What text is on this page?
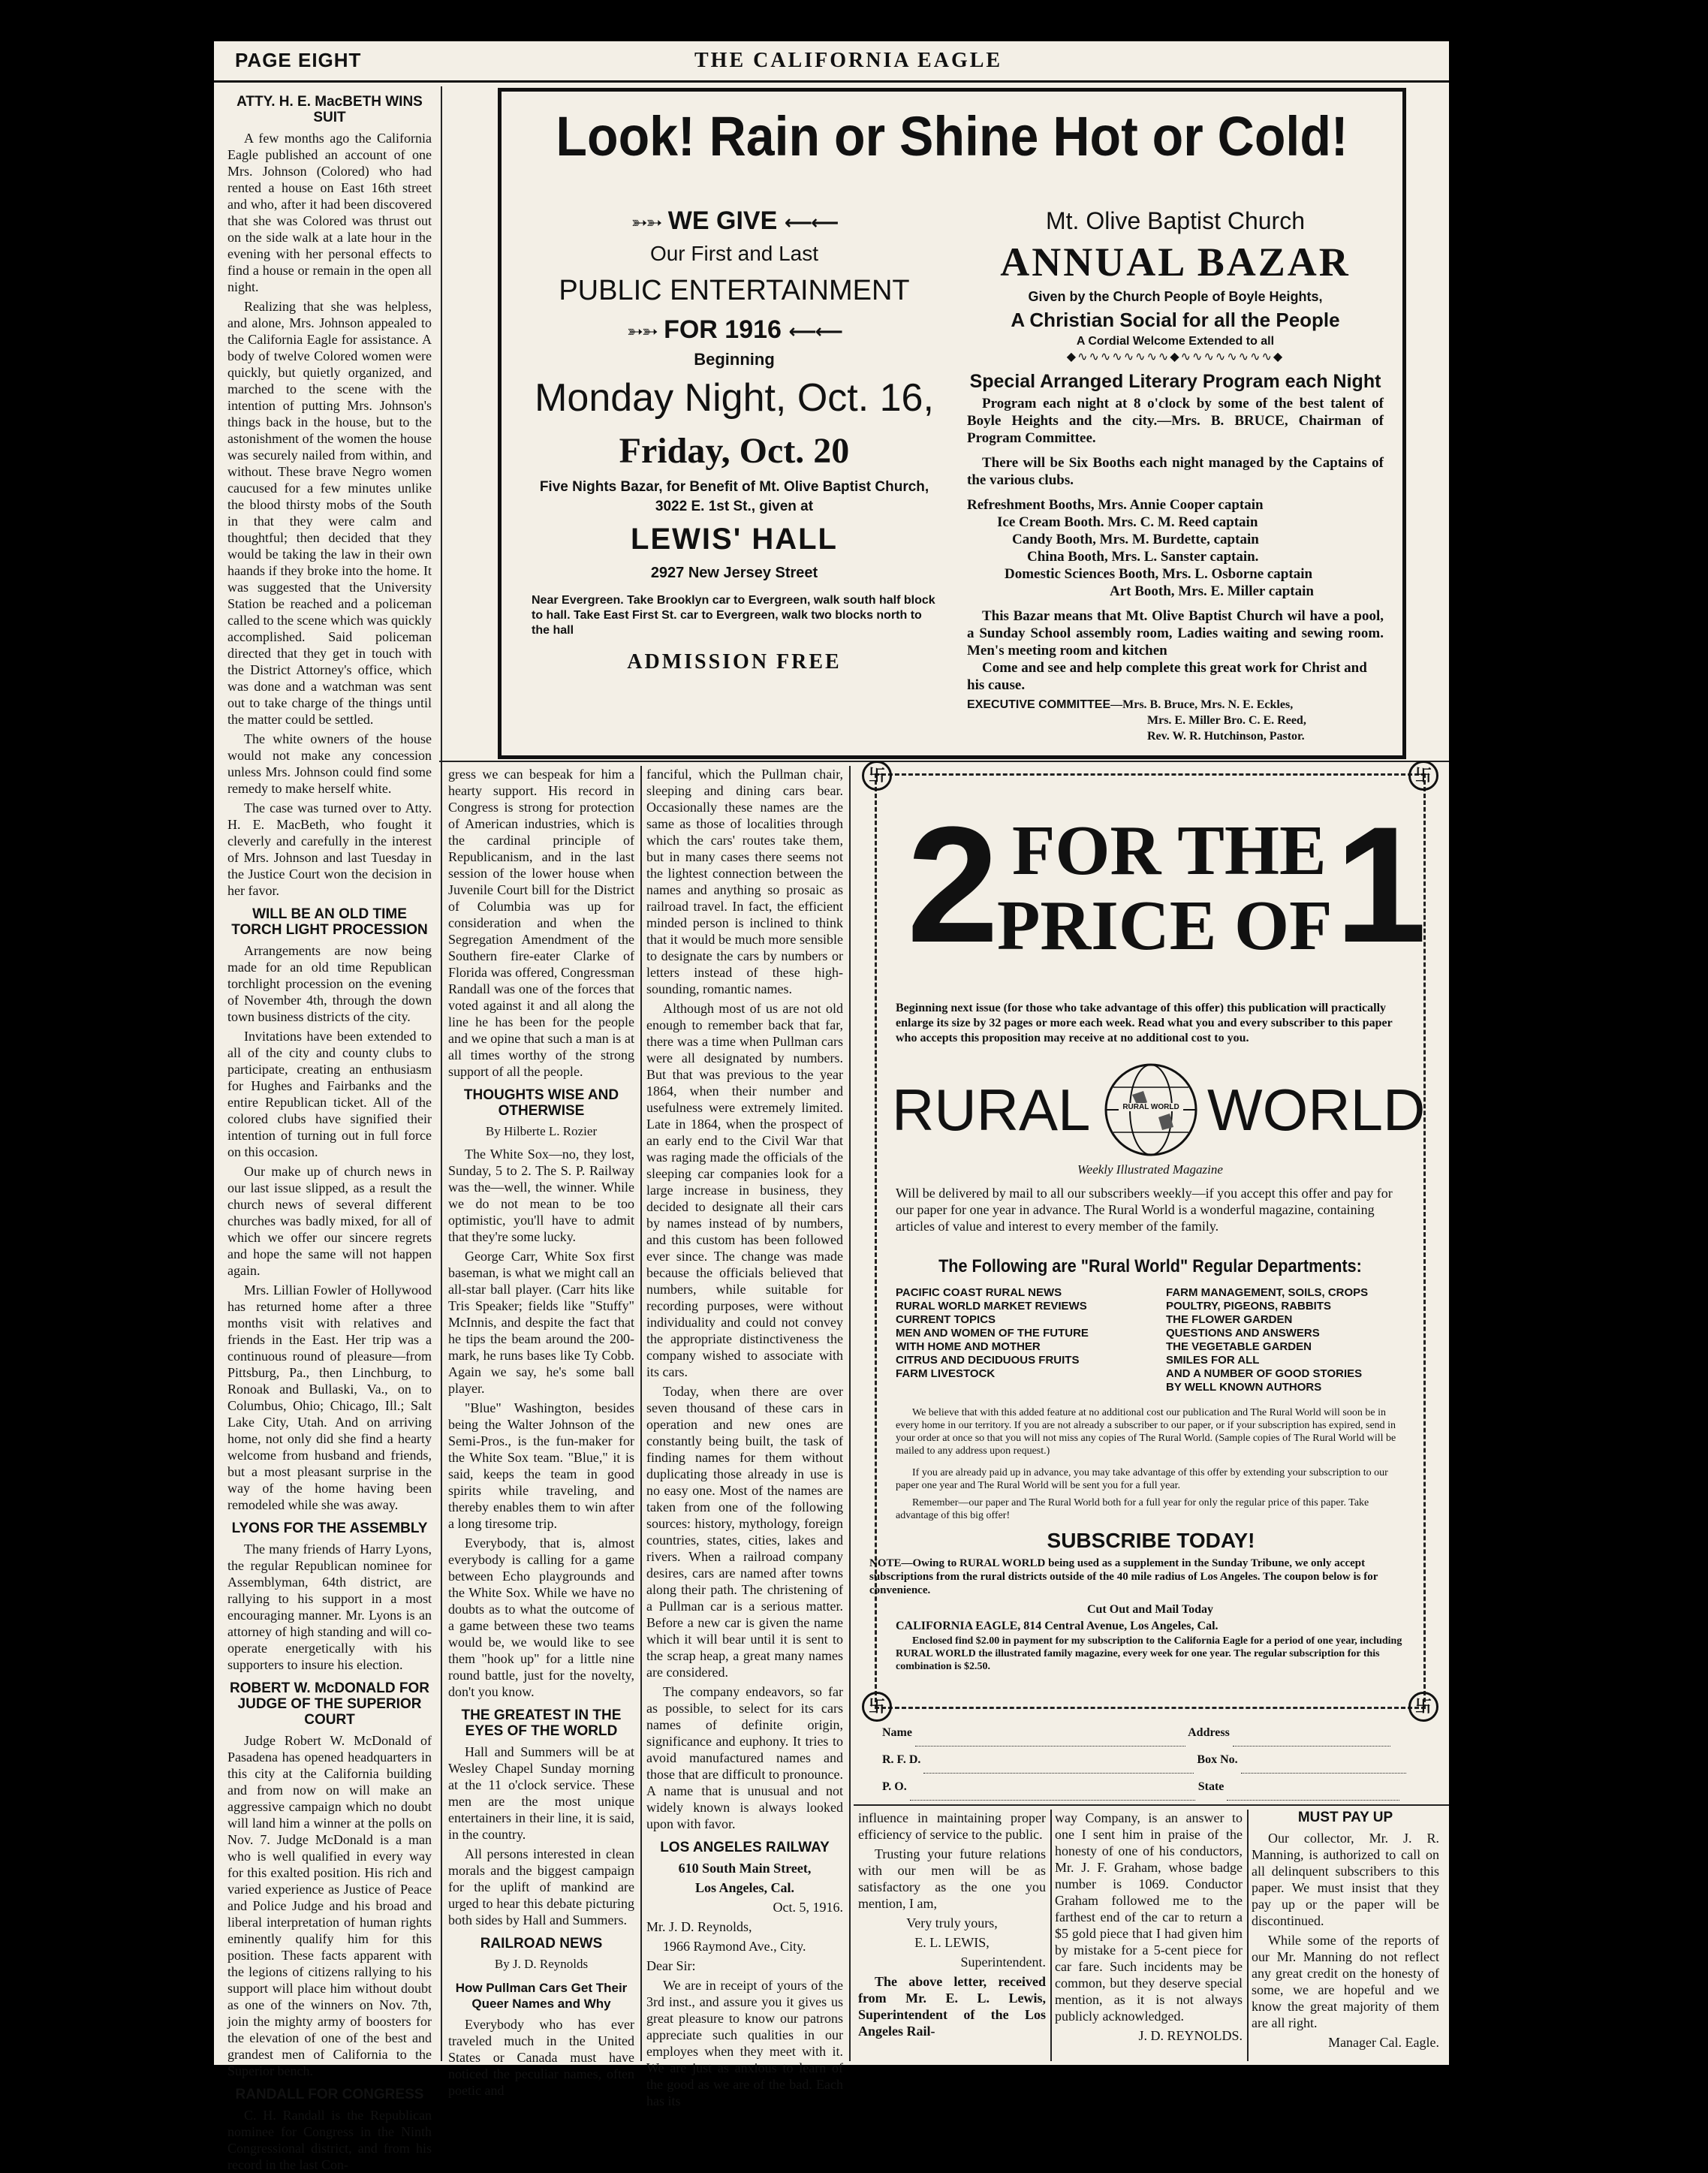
PAGE EIGHT	THE CALIFORNIA EAGLE
ATTY. H. E. MacBETH WINS SUIT

A few months ago the California Eagle published an account of one Mrs. Johnson (Colored) who had rented a house on East 16th street and who, after it had been discovered that she was Colored was thrust out on the side walk at a late hour in the evening with her personal effects to find a house or remain in the open all night.

Realizing that she was helpless, and alone, Mrs. Johnson appealed to the California Eagle for assistance. A body of twelve Colored women were quickly, but quietly organized, and marched to the scene with the intention of putting Mrs. Johnson's things back in the house, but to the astonishment of the women the house was securely nailed from within, and without. These brave Negro women caucused for a few minutes unlike the blood thirsty mobs of the South in that they were calm and thoughtful; then decided that they would be taking the law in their own haands if they broke into the home. It was suggested that the University Station be reached and a policeman called to the scene which was quickly accomplished. Said policeman directed that they get in touch with the District Attorney's office, which was done and a watchman was sent out to take charge of the things until the matter could be settled.

The white owners of the house would not make any concession unless Mrs. Johnson could find some remedy to make herself white.

The case was turned over to Atty. H. E. MacBeth, who fought it cleverly and carefully in the interest of Mrs. Johnson and last Tuesday in the Justice Court won the decision in her favor.

WILL BE AN OLD TIME TORCH LIGHT PROCESSION

Arrangements are now being made for an old time Republican torchlight procession on the evening of November 4th, through the down town business districts of the city.

Invitations have been extended to all of the city and county clubs to participate, creating an enthusiasm for Hughes and Fairbanks and the entire Republican ticket. All of the colored clubs have signified their intention of turning out in full force on this occasion.

Our make up of church news in our last issue slipped, as a result the church news of several different churches was badly mixed, for all of which we offer our sincere regrets and hope the same will not happen again.

Mrs. Lillian Fowler of Hollywood has returned home after a three months visit with relatives and friends in the East. Her trip was a continuous round of pleasure—from Pittsburg, Pa., then Linchburg, to Ronoak and Bullaski, Va., on to Columbus, Ohio; Chicago, Ill.; Salt Lake City, Utah. And on arriving home, not only did she find a hearty welcome from husband and friends, but a most pleasant surprise in the way of the home having been remodeled while she was away.

LYONS FOR THE ASSEMBLY

The many friends of Harry Lyons, the regular Republican nominee for Assemblyman, 64th district, are rallying to his support in a most encouraging manner. Mr. Lyons is an attorney of high standing and will co-operate energetically with his supporters to insure his election.

ROBERT W. McDONALD FOR JUDGE OF THE SUPERIOR COURT

Judge Robert W. McDonald of Pasadena has opened headquarters in this city at the California building and from now on will make an aggressive campaign which no doubt will land him a winner at the polls on Nov. 7. Judge McDonald is a man who is well qualified in every way for this exalted position. His rich and varied experience as Justice of Peace and Police Judge and his broad and liberal interpretation of human rights eminently qualify him for this position. These facts apparent with the legions of citizens rallying to his support will place him without doubt as one of the winners on Nov. 7th, join the mighty army of boosters for the elevation of one of the best and grandest men of California to the Superior bench.

RANDALL FOR CONGRESS

C. H. Randall is the Republican nominee for Congress in the Ninth Congressional district, and from his record in the last Con-

Look! Rain or Shine Hot or Cold!
➳➳ WE GIVE ⟵⟵
Our First and Last
PUBLIC ENTERTAINMENT
➳➳ FOR 1916 ⟵⟵
Beginning
Monday Night, Oct. 16,
Friday, Oct. 20
Five Nights Bazar, for Benefit of Mt. Olive Baptist Church, 3022 E. 1st St., given at
LEWIS' HALL
2927 New Jersey Street
Near Evergreen. Take Brooklyn car to Evergreen, walk south half block to hall. Take East First St. car to Evergreen, walk two blocks north to the hall
ADMISSION FREE
Mt. Olive Baptist Church
ANNUAL BAZAR
Given by the Church People of Boyle Heights,
A Christian Social for all the People
A Cordial Welcome Extended to all
◆∿∿∿∿∿∿∿∿◆∿∿∿∿∿∿∿∿◆
Special Arranged Literary Program each Night
Program each night at 8 o'clock by some of the best talent of Boyle Heights and the city.—Mrs. B. BRUCE, Chairman of Program Committee.
There will be Six Booths each night managed by the Captains of the various clubs.
Refreshment Booths, Mrs. Annie Cooper captain
Ice Cream Booth. Mrs. C. M. Reed captain
Candy Booth, Mrs. M. Burdette, captain
China Booth, Mrs. L. Sanster captain.
Domestic Sciences Booth, Mrs. L. Osborne captain
Art Booth, Mrs. E. Miller captain
This Bazar means that Mt. Olive Baptist Church wil have a pool, a Sunday School assembly room, Ladies waiting and sewing room. Men's meeting room and kitchen
Come and see and help complete this great work for Christ and his cause.
EXECUTIVE COMMITTEE—Mrs. B. Bruce, Mrs. N. E. Eckles,
Mrs. E. Miller Bro. C. E. Reed,
Rev. W. R. Hutchinson, Pastor.

gress we can bespeak for him a hearty support. His record in Congress is strong for protection of American industries, which is the cardinal principle of Republicanism, and in the last session of the lower house when Juvenile Court bill for the District of Columbia was up for consideration and when the Segregation Amendment of the Southern fire-eater Clarke of Florida was offered, Congressman Randall was one of the forces that voted against it and all along the line he has been for the people and we opine that such a man is at all times worthy of the strong support of all the people.

THOUGHTS WISE AND OTHERWISE
By Hilberte L. Rozier

The White Sox—no, they lost, Sunday, 5 to 2. The S. P. Railway was the—well, the winner. While we do not mean to be too optimistic, you'll have to admit that they're some lucky.

George Carr, White Sox first baseman, is what we might call an all-star ball player. (Carr hits like Tris Speaker; fields like "Stuffy" McInnis, and despite the fact that he tips the beam around the 200-mark, he runs bases like Ty Cobb. Again we say, he's some ball player.

"Blue" Washington, besides being the Walter Johnson of the Semi-Pros., is the fun-maker for the White Sox team. "Blue," it is said, keeps the team in good spirits while traveling, and thereby enables them to win after a long tiresome trip.

Everybody, that is, almost everybody is calling for a game between Echo playgrounds and the White Sox. While we have no doubts as to what the outcome of a game between these two teams would be, we would like to see them "hook up" for a little nine round battle, just for the novelty, don't you know.

THE GREATEST IN THE EYES OF THE WORLD

Hall and Summers will be at Wesley Chapel Sunday morning at the 11 o'clock service. These men are the most unique entertainers in their line, it is said, in the country.

All persons interested in clean morals and the biggest campaign for the uplift of mankind are urged to hear this debate picturing both sides by Hall and Summers.

RAILROAD NEWS
By J. D. Reynolds
How Pullman Cars Get Their Queer Names and Why

Everybody who has ever traveled much in the United States or Canada must have noticed the peculiar names, often poetic and

fanciful, which the Pullman chair, sleeping and dining cars bear. Occasionally these names are the same as those of localities through which the cars' routes take them, but in many cases there seems not the lightest connection between the names and anything so prosaic as railroad travel. In fact, the efficient minded person is inclined to think that it would be much more sensible to designate the cars by numbers or letters instead of these high-sounding, romantic names.

Although most of us are not old enough to remember back that far, there was a time when Pullman cars were all designated by numbers. But that was previous to the year 1864, when their number and usefulness were extremely limited. Late in 1864, when the prospect of an early end to the Civil War that was raging made the officials of the sleeping car companies look for a large increase in business, they decided to designate all their cars by names instead of by numbers, and this custom has been followed ever since. The change was made because the officials believed that numbers, while suitable for recording purposes, were without individuality and could not convey the appropriate distinctiveness the company wished to associate with its cars.

Today, when there are over seven thousand of these cars in operation and new ones are constantly being built, the task of finding names for them without duplicating those already in use is no easy one. Most of the names are taken from one of the following sources: history, mythology, foreign countries, states, cities, lakes and rivers. When a railroad company desires, cars are named after towns along their path. The christening of a Pullman car is a serious matter. Before a new car is given the name which it will bear until it is sent to the scrap heap, a great many names are considered.

The company endeavors, so far as possible, to select for its cars names of definite origin, significance and euphony. It tries to avoid manufactured names and those that are difficult to pronounce. A name that is unusual and not widely known is always looked upon with favor.

LOS ANGELES RAILWAY

610 South Main Street,

Los Angeles, Cal.

Oct. 5, 1916.

Mr. J. D. Reynolds,

1966 Raymond Ave., City.

Dear Sir:

We are in receipt of yours of the 3rd inst., and assure you it gives us great pleasure to know our patrons appreciate such qualities in our employes when they meet with it. We are just as anxious to learn of the good as we are of the bad. Each has its

卐	卐
卐	卐
2 FOR THE
PRICE OF 1
Beginning next issue (for those who take advantage of this offer) this publication will practically enlarge its size by 32 pages or more each week. Read what you and every subscriber to this paper who accepts this proposition may receive at no additional cost to you.
RURAL	RURAL WORLD WORLD
Weekly Illustrated Magazine
Will be delivered by mail to all our subscribers weekly—if you accept this offer and pay for our paper for one year in advance. The Rural World is a wonderful magazine, containing articles of value and interest to every member of the family.
The Following are "Rural World" Regular Departments:
PACIFIC COAST RURAL NEWS
RURAL WORLD MARKET REVIEWS
CURRENT TOPICS
MEN AND WOMEN OF THE FUTURE
WITH HOME AND MOTHER
CITRUS AND DECIDUOUS FRUITS
FARM LIVESTOCK
FARM MANAGEMENT, SOILS, CROPS
POULTRY, PIGEONS, RABBITS
THE FLOWER GARDEN
QUESTIONS AND ANSWERS
THE VEGETABLE GARDEN
SMILES FOR ALL
AND A NUMBER OF GOOD STORIES
BY WELL KNOWN AUTHORS
We believe that with this added feature at no additional cost our publication and The Rural World will soon be in every home in our territory. If you are not already a subscriber to our paper, or if your subscription has expired, send in your order at once so that you will not miss any copies of The Rural World. (Sample copies of The Rural World will be mailed to any address upon request.)
If you are already paid up in advance, you may take advantage of this offer by extending your subscription to our paper one year and The Rural World will be sent you for a full year.
Remember—our paper and The Rural World both for a full year for only the regular price of this paper. Take advantage of this big offer!
SUBSCRIBE TODAY!
NOTE—Owing to RURAL WORLD being used as a supplement in the Sunday Tribune, we only accept subscriptions from the rural districts outside of the 40 mile radius of Los Angeles. The coupon below is for convenience.
Cut Out and Mail Today
CALIFORNIA EAGLE, 814 Central Avenue, Los Angeles, Cal.
Enclosed find $2.00 in payment for my subscription to the California Eagle for a period of one year, including RURAL WORLD the illustrated family magazine, every week for one year. The regular subscription for this combination is $2.50.
Name	Address
R. F. D.	Box No.
P. O.	State

influence in maintaining proper efficiency of service to the public.

Trusting your future relations with our men will be as satisfactory as the one you mention, I am,

Very truly yours,

E. L. LEWIS,

Superintendent.

The above letter, received from Mr. E. L. Lewis, Superintendent of the Los Angeles Rail-

way Company, is an answer to one I sent him in praise of the honesty of one of his conductors, Mr. J. F. Graham, whose badge number is 1069. Conductor Graham followed me to the farthest end of the car to return a $5 gold piece that I had given him by mistake for a 5-cent piece for car fare. Such incidents may be common, but they deserve special mention, as it is not always publicly acknowledged.

J. D. REYNOLDS.

MUST PAY UP

Our collector, Mr. J. R. Manning, is authorized to call on all delinquent subscribers to this paper. We must insist that they pay up or the paper will be discontinued.

While some of the reports of our Mr. Manning do not reflect any great credit on the honesty of some, we are hopeful and we know the great majority of them are all right.

Manager Cal. Eagle.
